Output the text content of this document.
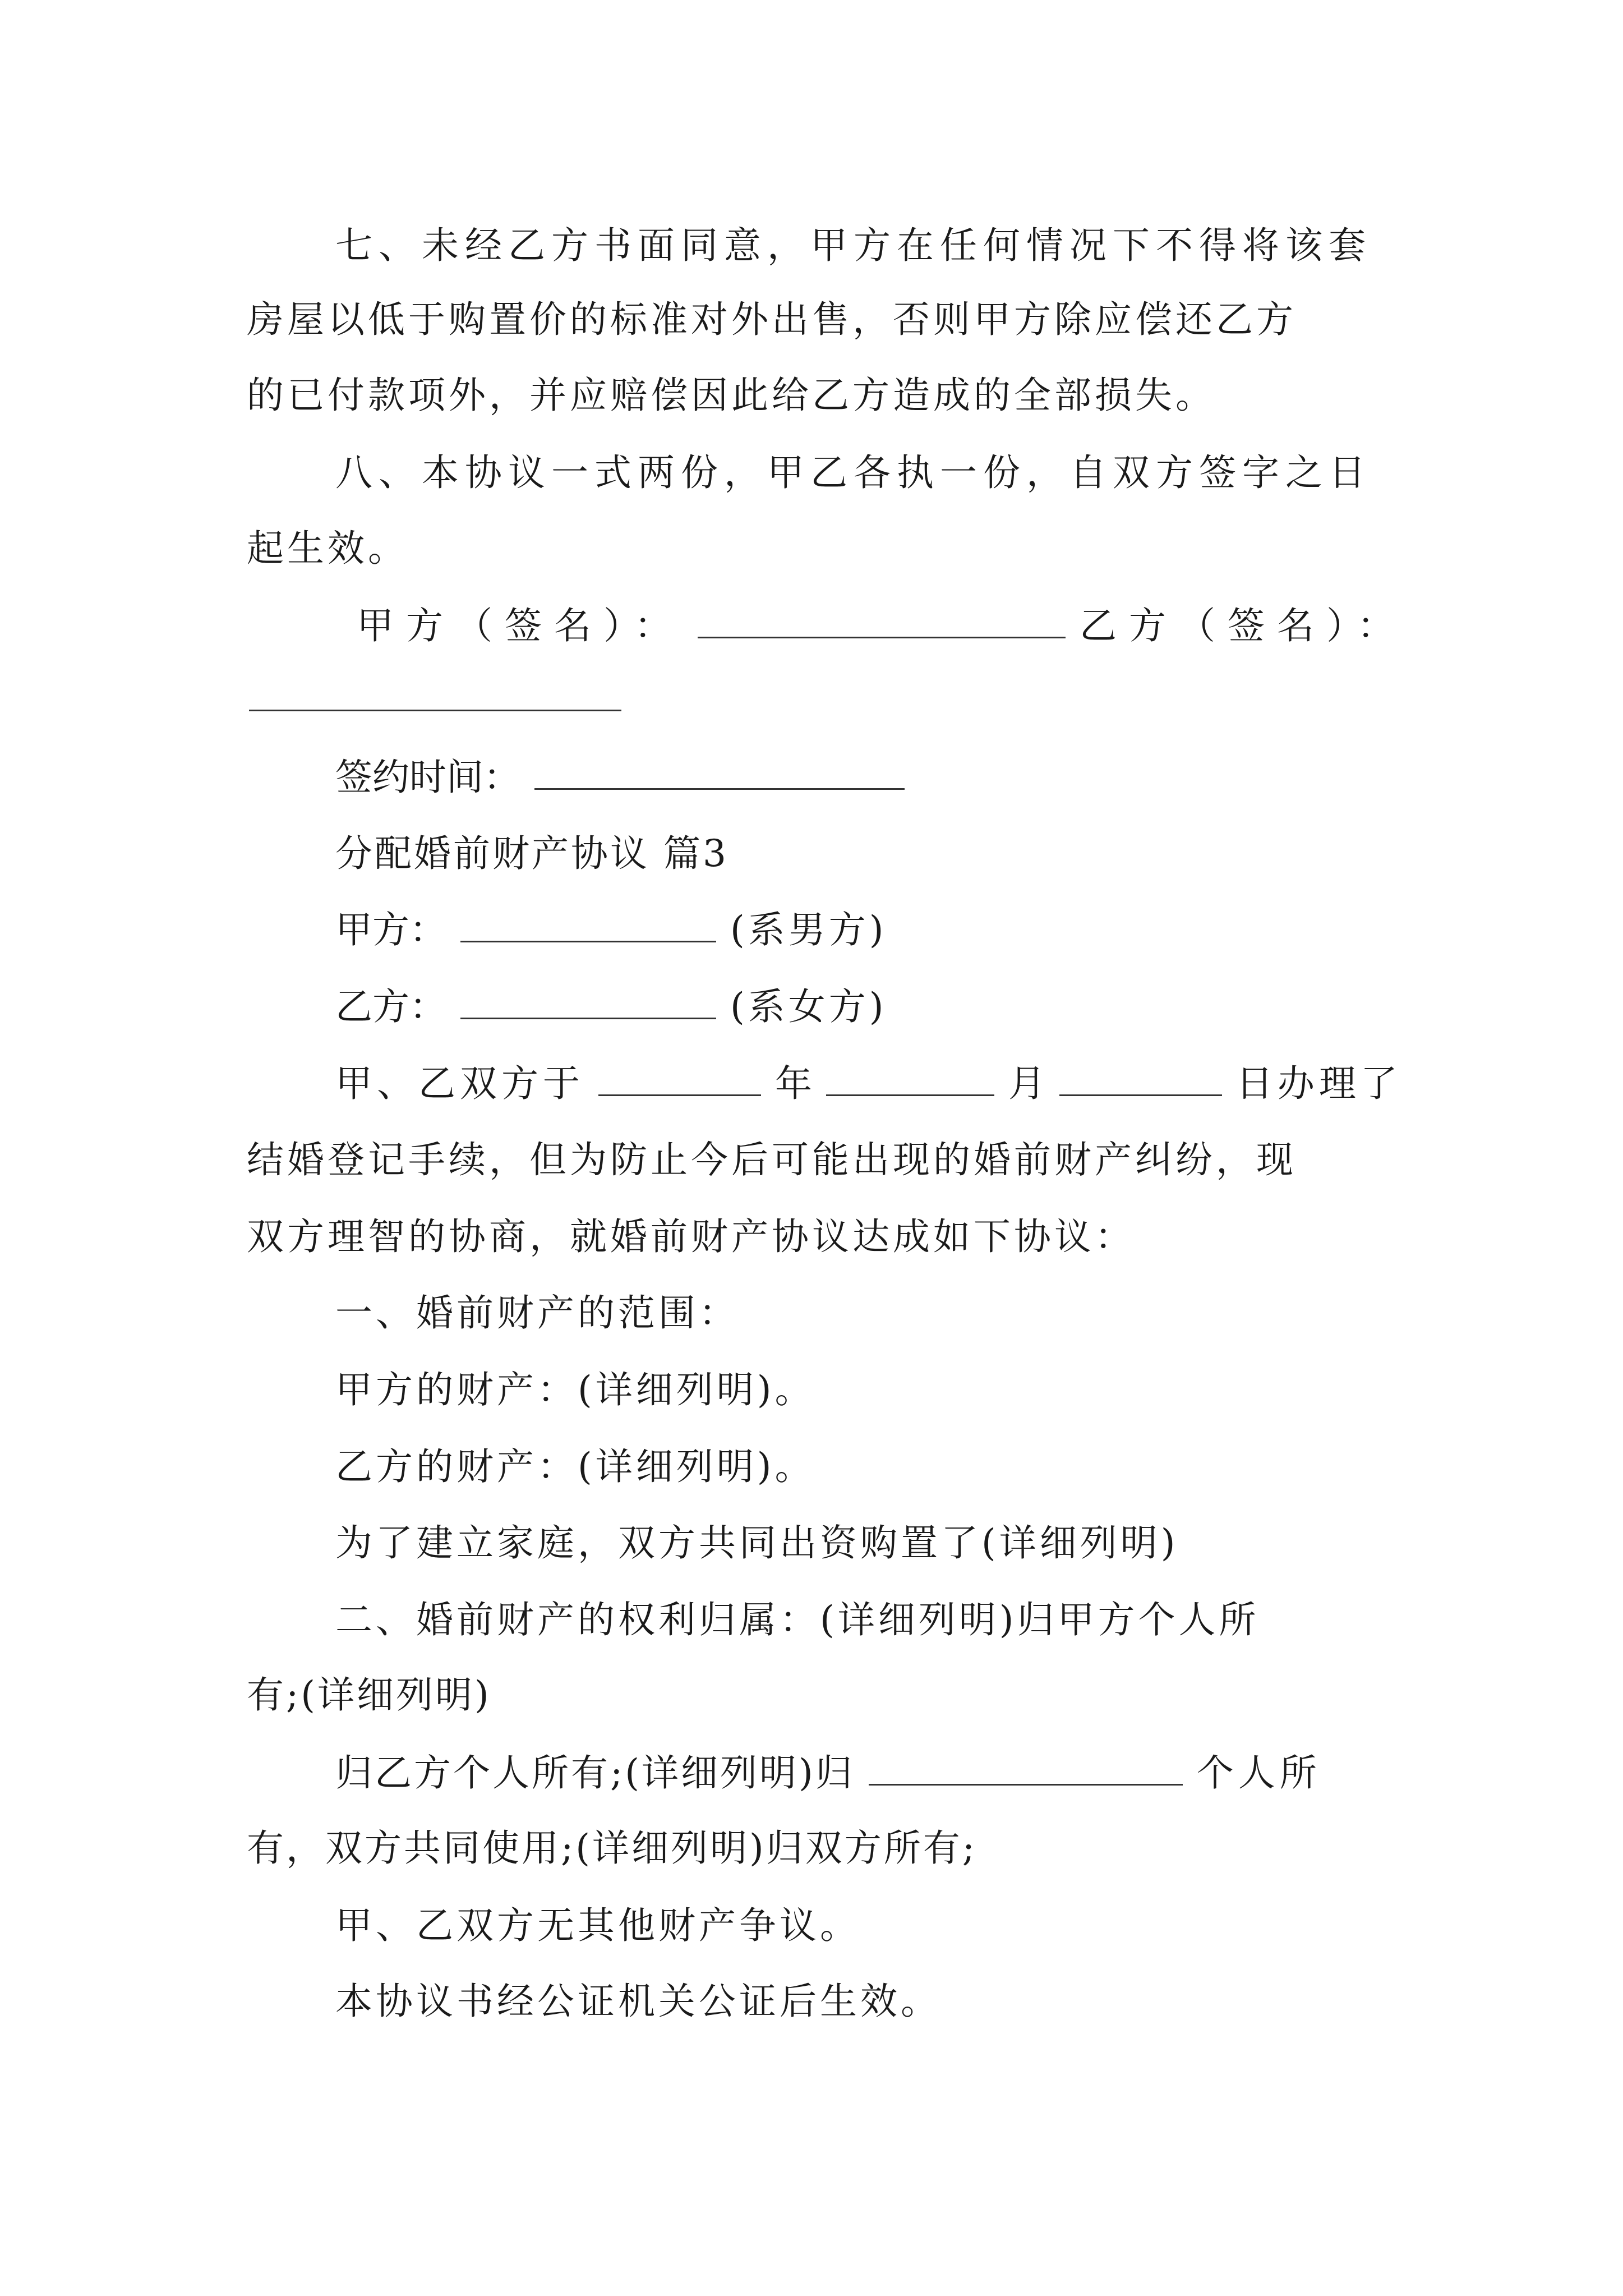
七、未经乙方书面同意，甲方在任何情况下不得将该套
房屋以低于购置价的标准对外出售，否则甲方除应偿还乙方
的已付款项外，并应赔偿因此给乙方造成的全部损失。
八、本协议一式两份，甲乙各执一份，自双方签字之日
起生效。
甲方（签名）：	乙方（签名）：
签约时间：
分配婚前财产协议 篇3
甲方：	(系男方)
乙方：	(系女方)
甲、乙双方于	年	月	日办理了
结婚登记手续，但为防止今后可能出现的婚前财产纠纷，现
双方理智的协商，就婚前财产协议达成如下协议：
一、婚前财产的范围：
甲方的财产：(详细列明)。
乙方的财产：(详细列明)。
为了建立家庭，双方共同出资购置了(详细列明)
二、婚前财产的权利归属：(详细列明)归甲方个人所
有;(详细列明)
归乙方个人所有;(详细列明)归	个人所
有，双方共同使用;(详细列明)归双方所有;
甲、乙双方无其他财产争议。
本协议书经公证机关公证后生效。
